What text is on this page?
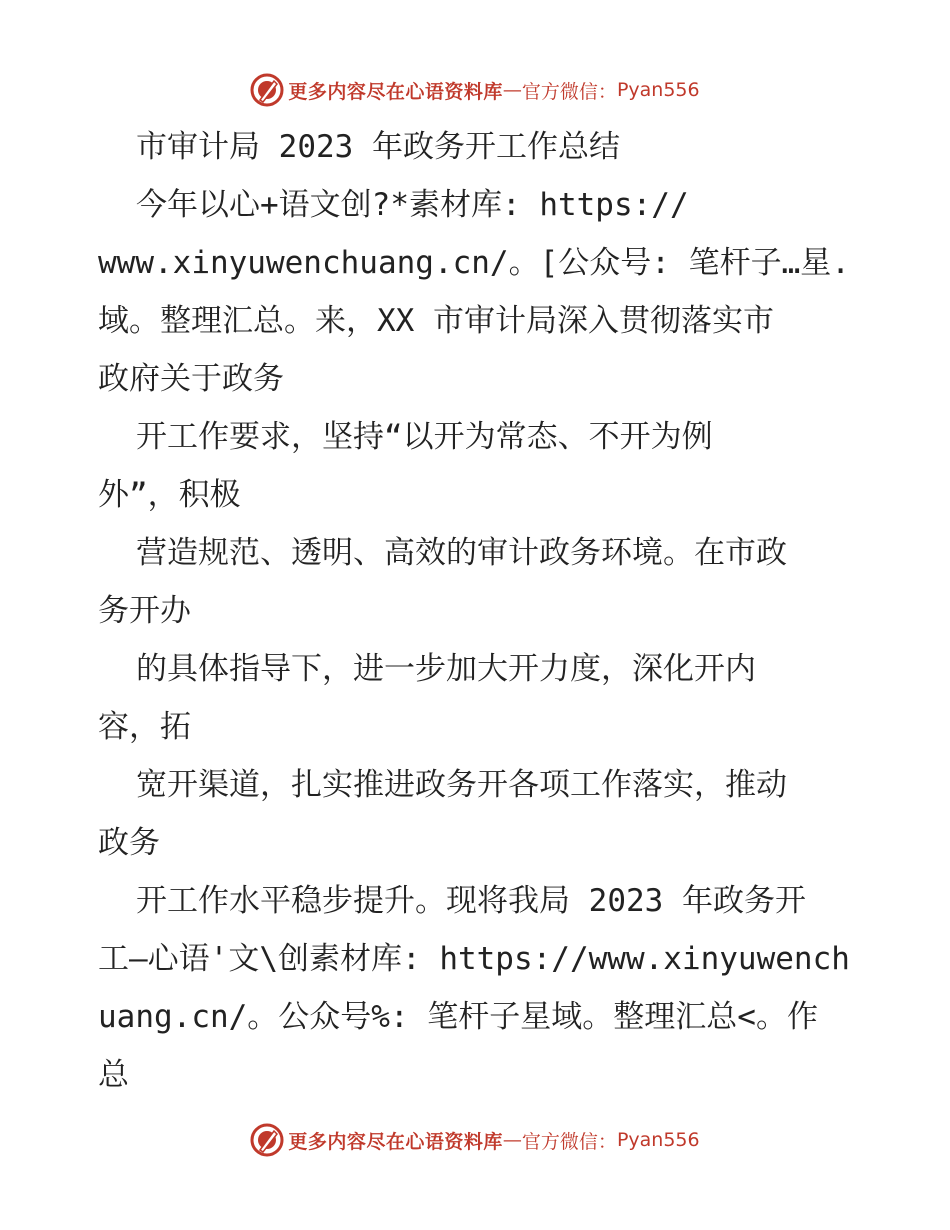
更多内容尽在心语资料库 — 官方微信： Pyan556
市审计局 2023 年政务开工作总结
今年以心+语文创?*素材库: https://
www.xinyuwenchuang.cn/。[公众号: 笔杆子…星.
域。整理汇总。来，XX 市审计局深入贯彻落实市
政府关于政务
开工作要求，坚持“以开为常态、不开为例
外”，积极
营造规范、透明、高效的审计政务环境。在市政
务开办
的具体指导下，进一步加大开力度，深化开内
容，拓
宽开渠道，扎实推进政务开各项工作落实，推动
政务
开工作水平稳步提升。现将我局 2023 年政务开
工—心语'文\创素材库: https://www.xinyuwench
uang.cn/。公众号%: 笔杆子星域。整理汇总<。作
总
更多内容尽在心语资料库 — 官方微信： Pyan556
